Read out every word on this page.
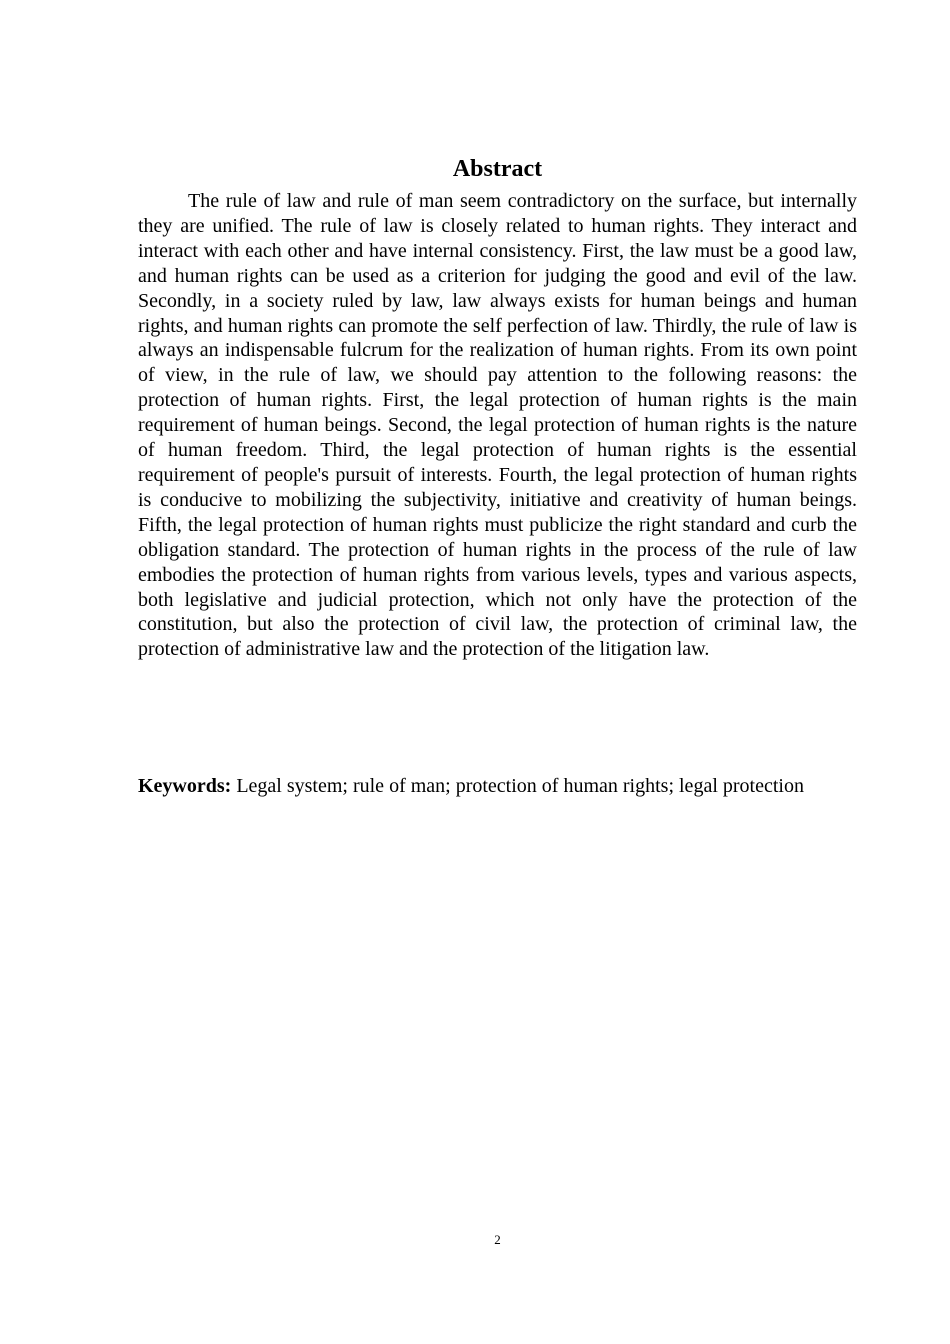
Abstract

The rule of law and rule of man seem contradictory on the surface, but internally they are unified. The rule of law is closely related to human rights. They interact and interact with each other and have internal consistency. First, the law must be a good law, and human rights can be used as a criterion for judging the good and evil of the law. Secondly, in a society ruled by law, law always exists for human beings and human rights, and human rights can promote the self perfection of law. Thirdly, the rule of law is always an indispensable fulcrum for the realization of human rights. From its own point of view, in the rule of law, we should pay attention to the following reasons: the protection of human rights. First, the legal protection of human rights is the main requirement of human beings. Second, the legal protection of human rights is the nature of human freedom. Third, the legal protection of human rights is the essential requirement of people's pursuit of interests. Fourth, the legal protection of human rights is conducive to mobilizing the subjectivity, initiative and creativity of human beings. Fifth, the legal protection of human rights must publicize the right standard and curb the obligation standard. The protection of human rights in the process of the rule of law embodies the protection of human rights from various levels, types and various aspects, both legislative and judicial protection, which not only have the protection of the constitution, but also the protection of civil law, the protection of criminal law, the protection of administrative law and the protection of the litigation law.

Keywords: Legal system; rule of man; protection of human rights; legal protection

2
